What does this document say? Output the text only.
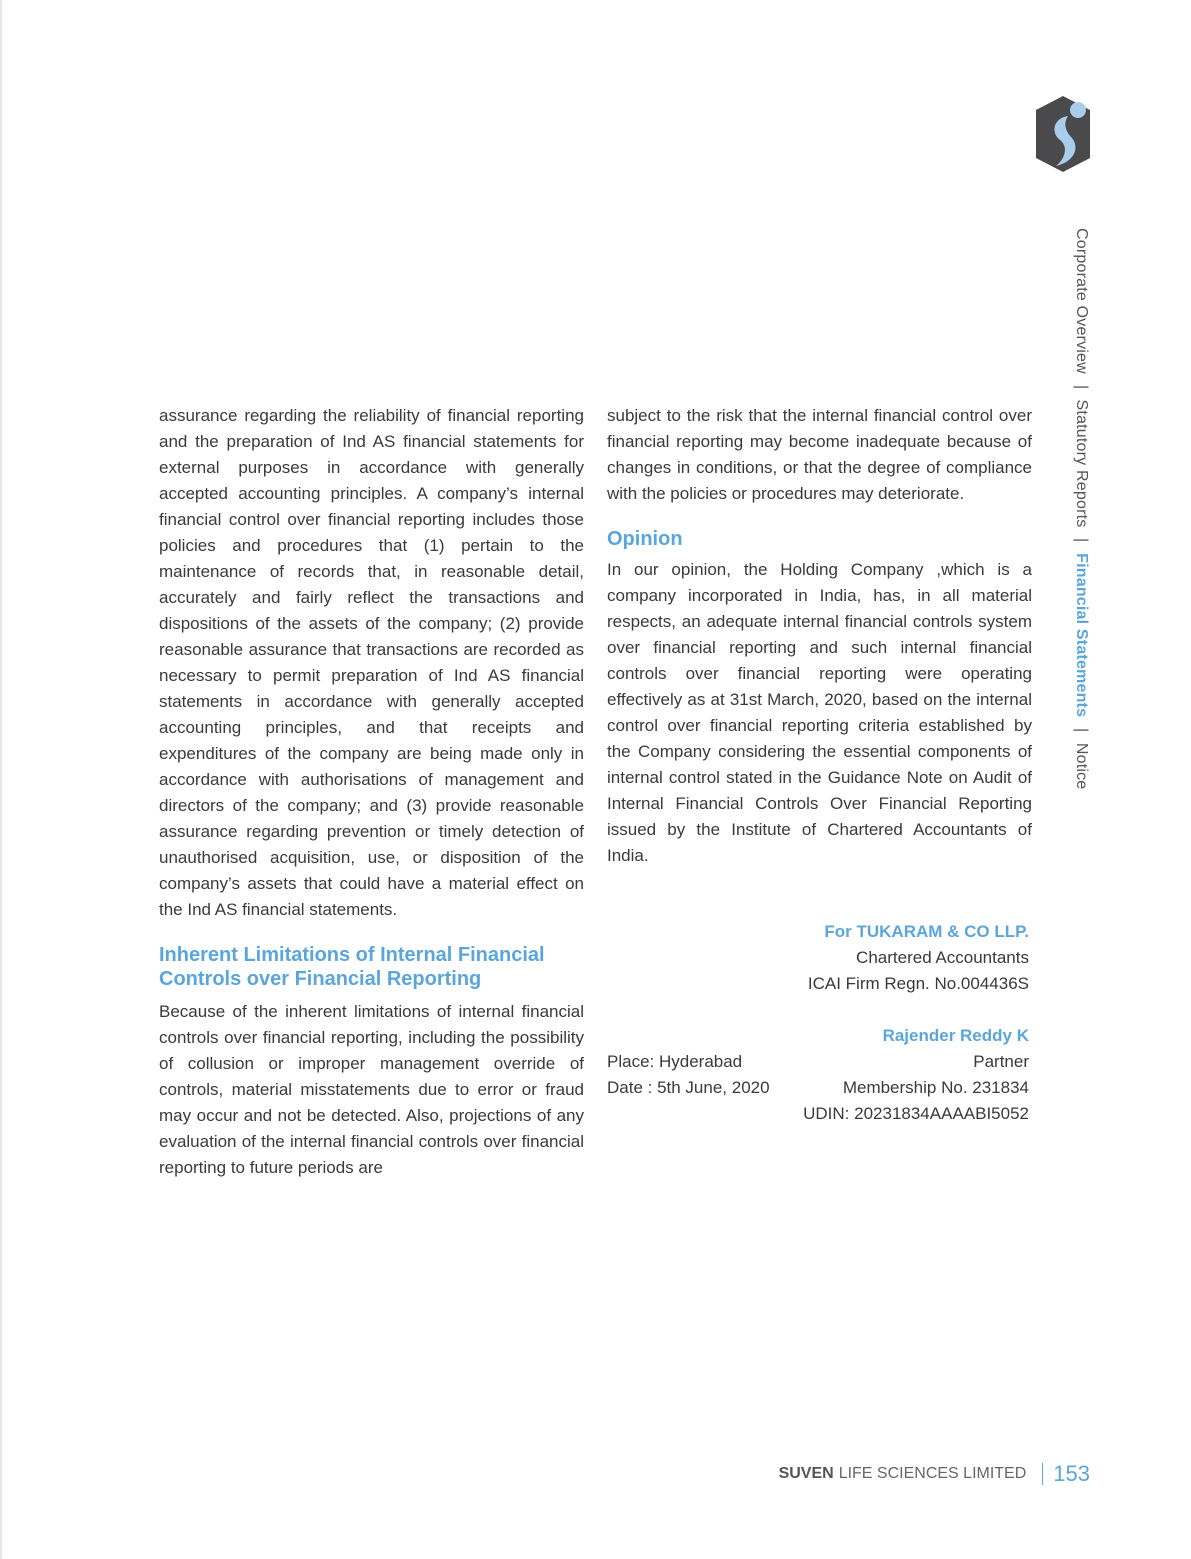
Corporate Overview | Statutory Reports | Financial Statements | Notice

assurance regarding the reliability of financial reporting and the preparation of Ind AS financial statements for external purposes in accordance with generally accepted accounting principles. A company’s internal financial control over financial reporting includes those policies and procedures that (1) pertain to the maintenance of records that, in reasonable detail, accurately and fairly reflect the transactions and dispositions of the assets of the company; (2) provide reasonable assurance that transactions are recorded as necessary to permit preparation of Ind AS financial statements in accordance with generally accepted accounting principles, and that receipts and expenditures of the company are being made only in accordance with authorisations of management and directors of the company; and (3) provide reasonable assurance regarding prevention or timely detection of unauthorised acquisition, use, or disposition of the company’s assets that could have a material effect on the Ind AS financial statements.

Inherent Limitations of Internal Financial Controls over Financial Reporting

Because of the inherent limitations of internal financial controls over financial reporting, including the possibility of collusion or improper management override of controls, material misstatements due to error or fraud may occur and not be detected. Also, projections of any evaluation of the internal financial controls over financial reporting to future periods are

subject to the risk that the internal financial control over financial reporting may become inadequate because of changes in conditions, or that the degree of compliance with the policies or procedures may deteriorate.

Opinion

In our opinion, the Holding Company ,which is a company incorporated in India, has, in all material respects, an adequate internal financial controls system over financial reporting and such internal financial controls over financial reporting were operating effectively as at 31st March, 2020, based on the internal control over financial reporting criteria established by the Company considering the essential components of internal control stated in the Guidance Note on Audit of Internal Financial Controls Over Financial Reporting issued by the Institute of Chartered Accountants of India.

For TUKARAM & CO LLP.
Chartered Accountants
ICAI Firm Regn. No.004436S
Rajender Reddy K
Place: Hyderabad	Partner
Date : 5th June, 2020	Membership No. 231834
UDIN: 20231834AAAABI5052
SUVEN LIFE SCIENCES LIMITED 153
